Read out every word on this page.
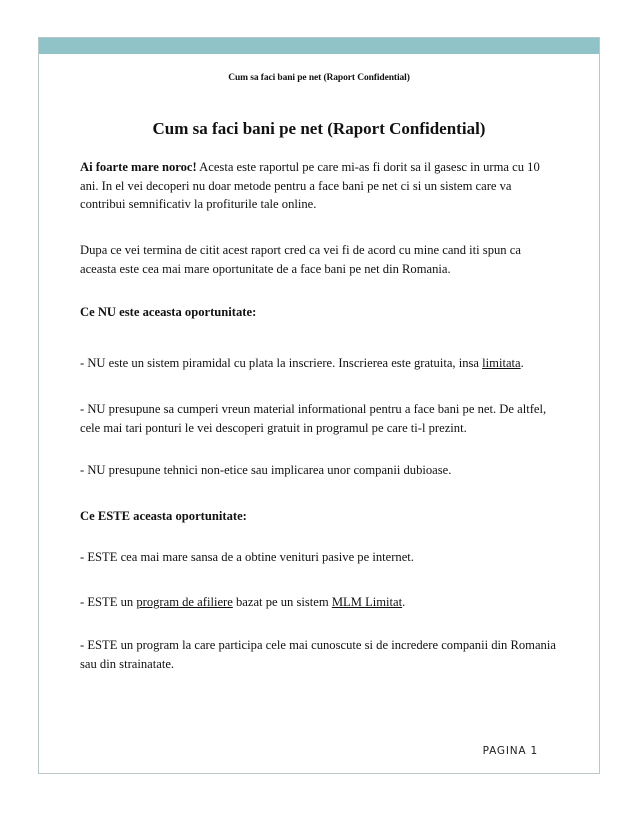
Cum sa faci bani pe net (Raport Confidential)
Cum sa faci bani pe net (Raport Confidential)

Ai foarte mare noroc! Acesta este raportul pe care mi-as fi dorit sa il gasesc in urma cu 10 ani. In el vei decoperi nu doar metode pentru a face bani pe net ci si un sistem care va contribui semnificativ la profiturile tale online.

Dupa ce vei termina de citit acest raport cred ca vei fi de acord cu mine cand iti spun ca aceasta este cea mai mare oportunitate de a face bani pe net din Romania.

Ce NU este aceasta oportunitate:

- NU este un sistem piramidal cu plata la inscriere. Inscrierea este gratuita, insa limitata.

- NU presupune sa cumperi vreun material informational pentru a face bani pe net. De altfel, cele mai tari ponturi le vei descoperi gratuit in programul pe care ti-l prezint.

- NU presupune tehnici non-etice sau implicarea unor companii dubioase.

Ce ESTE aceasta oportunitate:

- ESTE cea mai mare sansa de a obtine venituri pasive pe internet.

- ESTE un program de afiliere bazat pe un sistem MLM Limitat.

- ESTE un program la care participa cele mai cunoscute si de incredere companii din Romania sau din strainatate.

PAGINA 1
